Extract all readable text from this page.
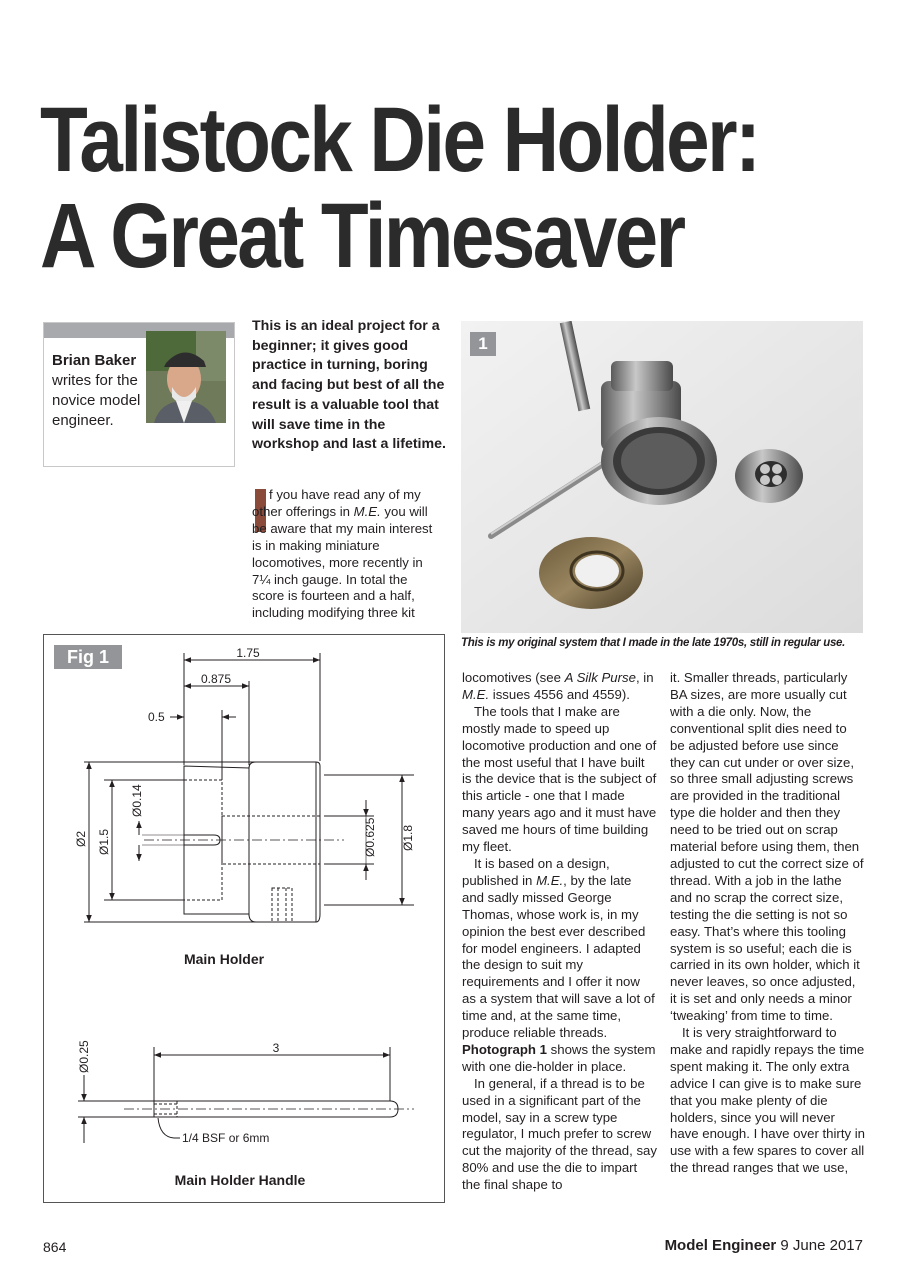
Talistock Die Holder:
A Great Timesaver
Brian Baker
writes for the novice model engineer.
This is an ideal project for a beginner; it gives good practice in turning, boring and facing but best of all the result is a valuable tool that will save time in the workshop and last a lifetime.

f you have read any of my other offerings in M.E. you will be aware that my main interest is in making miniature locomotives, more recently in 7¼ inch gauge. In total the score is fourteen and a half, including modifying three kit

1
This is my original system that I made in the late 1970s, still in regular use.

locomotives (see A Silk Purse, in M.E. issues 4556 and 4559).

The tools that I make are mostly made to speed up locomotive production and one of the most useful that I have built is the device that is the subject of this article - one that I made many years ago and it must have saved me hours of time building my fleet.

It is based on a design, published in M.E., by the late and sadly missed George Thomas, whose work is, in my opinion the best ever described for model engineers. I adapted the design to suit my requirements and I offer it now as a system that will save a lot of time and, at the same time, produce reliable threads. Photograph 1 shows the system with one die-holder in place.

In general, if a thread is to be used in a significant part of the model, say in a screw type regulator, I much prefer to screw cut the majority of the thread, say 80% and use the die to impart the final shape to

it. Smaller threads, particularly BA sizes, are more usually cut with a die only. Now, the conventional split dies need to be adjusted before use since they can cut under or over size, so three small adjusting screws are provided in the traditional type die holder and then they need to be tried out on scrap material before using them, then adjusted to cut the correct size of thread. With a job in the lathe and no scrap the correct size, testing the die setting is not so easy. That’s where this tooling system is so useful; each die is carried in its own holder, which it never leaves, so once adjusted, it is set and only needs a minor ‘tweaking’ from time to time.

It is very straightforward to make and rapidly repays the time spent making it. The only extra advice I can give is to make sure that you make plenty of die holders, since you will never have enough. I have over thirty in use with a few spares to cover all the thread ranges that we use,

1.75
0.875
0.5
Ø2 Ø1.5
Ø0.14
Ø0.625 Ø1.8
Ø0.25	3
1/4 BSF or 6mm
Main Holder
Main Holder Handle
Fig 1
864	Model Engineer 9 June 2017
